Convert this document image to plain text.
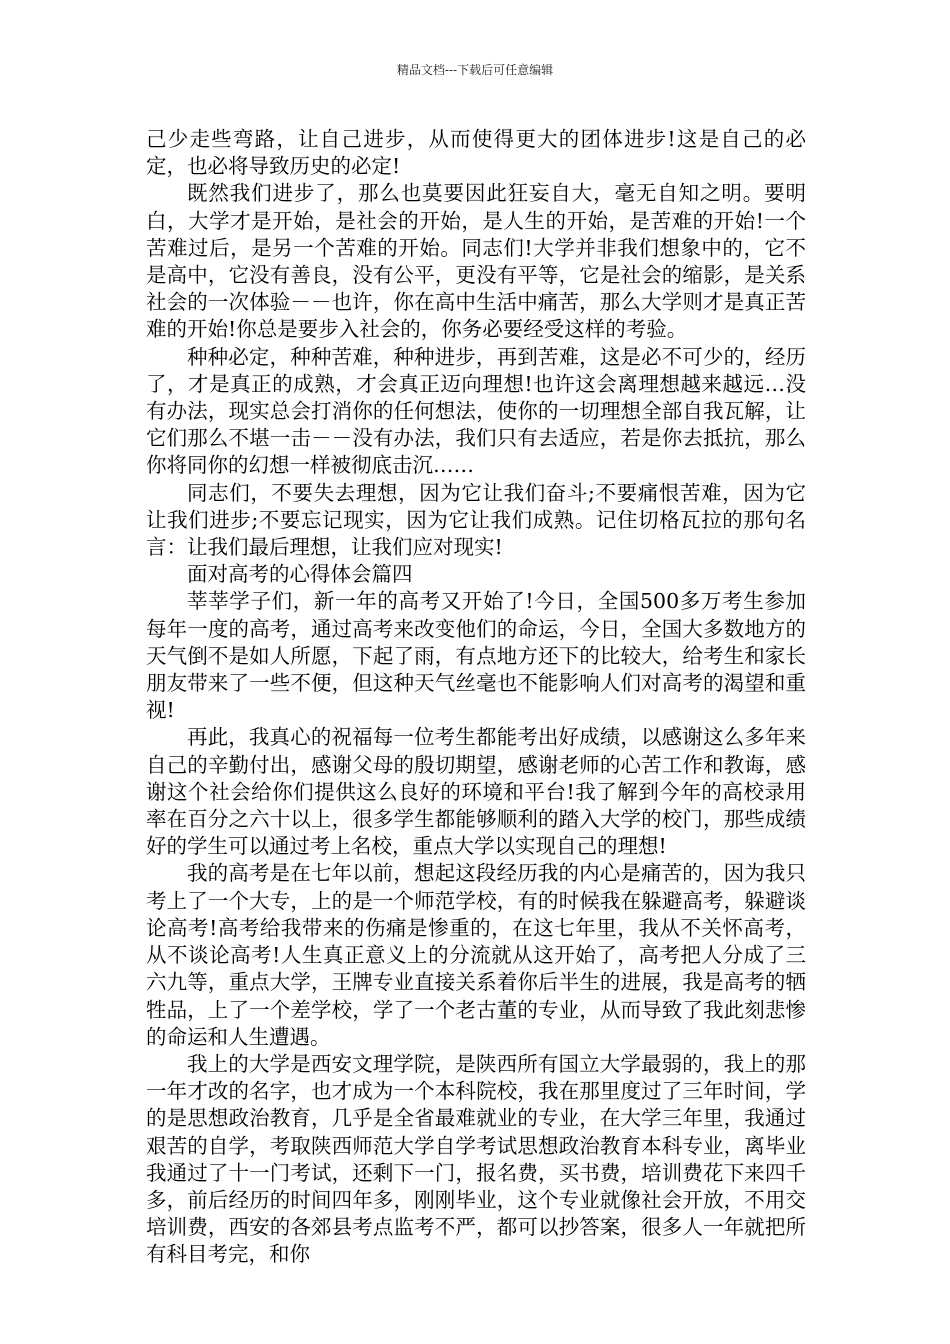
精品文档---下载后可任意编辑

己少走些弯路，让自己进步，从而使得更大的团体进步!这是自己的必定，也必将导致历史的必定!

既然我们进步了，那么也莫要因此狂妄自大，毫无自知之明。要明白，大学才是开始，是社会的开始，是人生的开始，是苦难的开始!一个苦难过后，是另一个苦难的开始。同志们!大学并非我们想象中的，它不是高中，它没有善良，没有公平，更没有平等，它是社会的缩影，是关系社会的一次体验－－也许，你在高中生活中痛苦，那么大学则才是真正苦难的开始!你总是要步入社会的，你务必要经受这样的考验。

种种必定，种种苦难，种种进步，再到苦难，这是必不可少的，经历了，才是真正的成熟，才会真正迈向理想!也许这会离理想越来越远…没有办法，现实总会打消你的任何想法，使你的一切理想全部自我瓦解，让它们那么不堪一击－－没有办法，我们只有去适应，若是你去抵抗，那么你将同你的幻想一样被彻底击沉……

同志们，不要失去理想，因为它让我们奋斗;不要痛恨苦难，因为它让我们进步;不要忘记现实，因为它让我们成熟。记住切格瓦拉的那句名言：让我们最后理想，让我们应对现实!

面对高考的心得体会篇四

莘莘学子们，新一年的高考又开始了!今日，全国500多万考生参加每年一度的高考，通过高考来改变他们的命运，今日，全国大多数地方的天气倒不是如人所愿，下起了雨，有点地方还下的比较大，给考生和家长朋友带来了一些不便，但这种天气丝毫也不能影响人们对高考的渴望和重视!

再此，我真心的祝福每一位考生都能考出好成绩，以感谢这么多年来自己的辛勤付出，感谢父母的殷切期望，感谢老师的心苦工作和教诲，感谢这个社会给你们提供这么良好的环境和平台!我了解到今年的高校录用率在百分之六十以上，很多学生都能够顺利的踏入大学的校门，那些成绩好的学生可以通过考上名校，重点大学以实现自己的理想!

我的高考是在七年以前，想起这段经历我的内心是痛苦的，因为我只考上了一个大专，上的是一个师范学校，有的时候我在躲避高考，躲避谈论高考!高考给我带来的伤痛是惨重的，在这七年里，我从不关怀高考，从不谈论高考!人生真正意义上的分流就从这开始了，高考把人分成了三六九等，重点大学，王牌专业直接关系着你后半生的进展，我是高考的牺牲品，上了一个差学校，学了一个老古董的专业，从而导致了我此刻悲惨的命运和人生遭遇。

我上的大学是西安文理学院，是陕西所有国立大学最弱的，我上的那一年才改的名字，也才成为一个本科院校，我在那里度过了三年时间，学的是思想政治教育，几乎是全省最难就业的专业，在大学三年里，我通过艰苦的自学，考取陕西师范大学自学考试思想政治教育本科专业，离毕业我通过了十一门考试，还剩下一门，报名费，买书费，培训费花下来四千多，前后经历的时间四年多，刚刚毕业，这个专业就像社会开放，不用交培训费，西安的各郊县考点监考不严，都可以抄答案，很多人一年就把所有科目考完，和你
